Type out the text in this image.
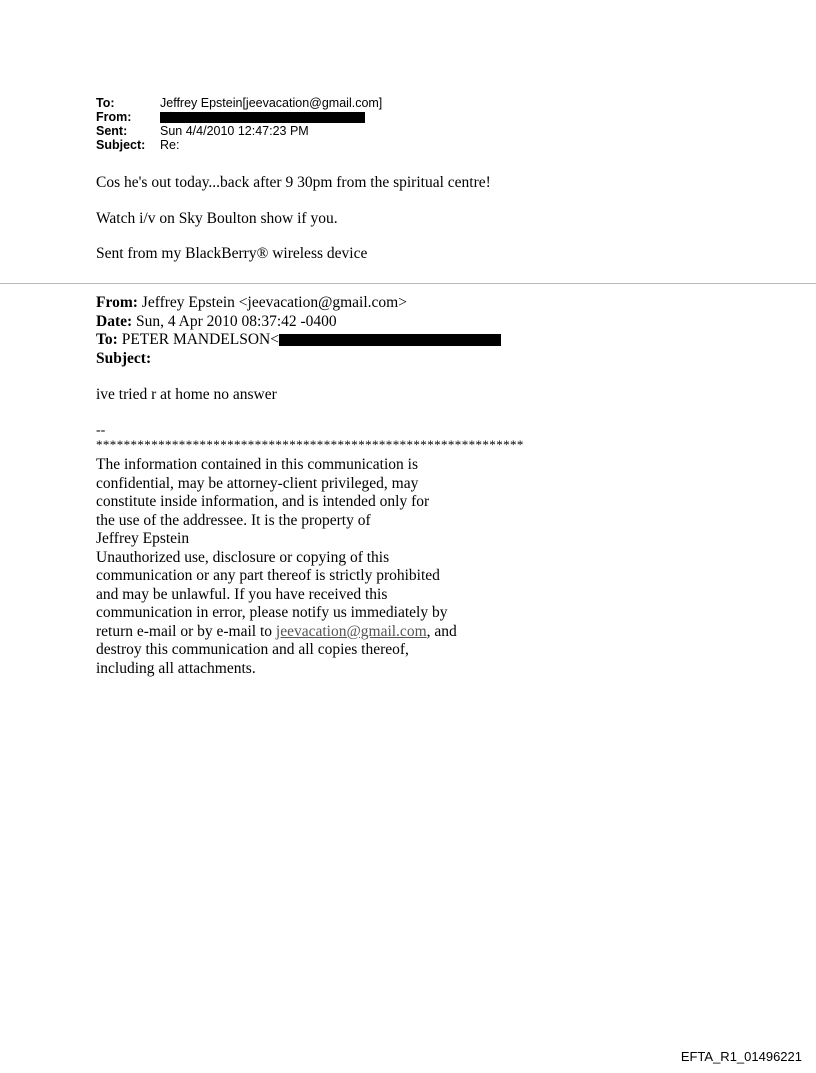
To:	Jeffrey Epstein[jeevacation@gmail.com]
From:
Sent:	Sun 4/4/2010 12:47:23 PM
Subject:	Re:
Cos he's out today...back after 9 30pm from the spiritual centre!
Watch i/v on Sky Boulton show if you.
Sent from my BlackBerry® wireless device
From: Jeffrey Epstein <jeevacation@gmail.com>
Date: Sun, 4 Apr 2010 08:37:42 -0400
To: PETER MANDELSON<
Subject:
ive tried r at home no answer
--
**************************************************************
The information contained in this communication is
confidential, may be attorney-client privileged, may
constitute inside information, and is intended only for
the use of the addressee. It is the property of
Jeffrey Epstein
Unauthorized use, disclosure or copying of this
communication or any part thereof is strictly prohibited
and may be unlawful. If you have received this
communication in error, please notify us immediately by
return e-mail or by e-mail to jeevacation@gmail.com, and
destroy this communication and all copies thereof,
including all attachments.
EFTA_R1_01496221
